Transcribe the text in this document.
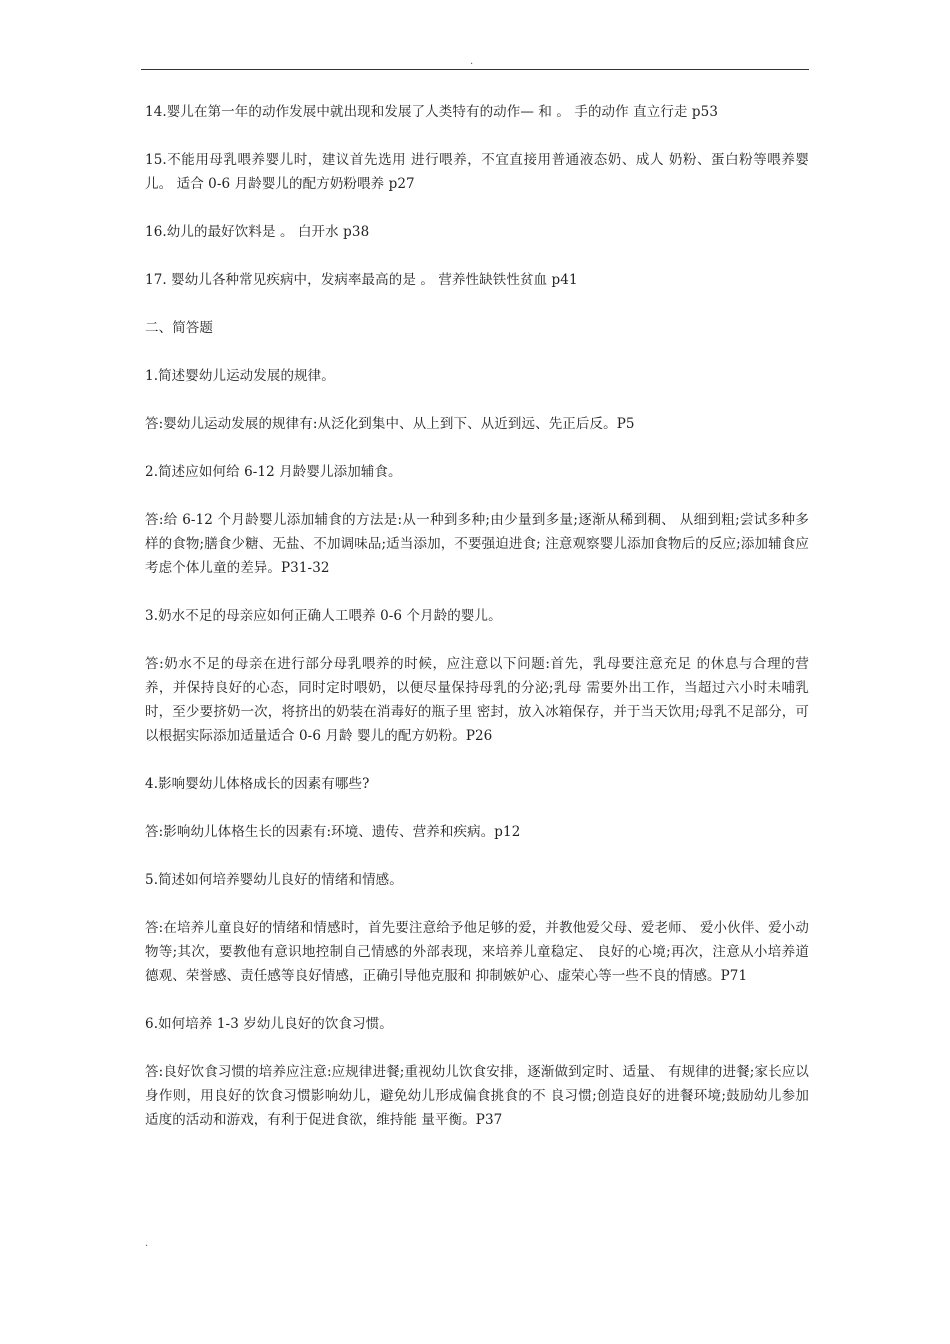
.

14.婴儿在第一年的动作发展中就出现和发展了人类特有的动作— 和 。 手的动作 直立行走 p53

15.不能用母乳喂养婴儿时，建议首先选用 进行喂养，不宜直接用普通液态奶、成人 奶粉、蛋白粉等喂养婴儿。 适合 0-6 月龄婴儿的配方奶粉喂养 p27

16.幼儿的最好饮料是 。 白开水 p38

17. 婴幼儿各种常见疾病中，发病率最高的是 。 营养性缺铁性贫血 p41

二、简答题

1.简述婴幼儿运动发展的规律。

答:婴幼儿运动发展的规律有:从泛化到集中、从上到下、从近到远、先正后反。P5

2.简述应如何给 6-12 月龄婴儿添加辅食。

答:给 6-12 个月龄婴儿添加辅食的方法是:从一种到多种;由少量到多量;逐渐从稀到稠、 从细到粗;尝试多种多样的食物;膳食少糖、无盐、不加调味品;适当添加，不要强迫进食; 注意观察婴儿添加食物后的反应;添加辅食应考虑个体儿童的差异。P31-32

3.奶水不足的母亲应如何正确人工喂养 0-6 个月龄的婴儿。

答:奶水不足的母亲在进行部分母乳喂养的时候，应注意以下问题:首先，乳母要注意充足 的休息与合理的营养，并保持良好的心态，同时定时喂奶，以便尽量保持母乳的分泌;乳母 需要外出工作，当超过六小时未哺乳时，至少要挤奶一次，将挤出的奶装在消毒好的瓶子里 密封，放入冰箱保存，并于当天饮用;母乳不足部分，可以根据实际添加适量适合 0-6 月龄 婴儿的配方奶粉。P26

4.影响婴幼儿体格成长的因素有哪些?

答:影响幼儿体格生长的因素有:环境、遗传、营养和疾病。p12

5.简述如何培养婴幼儿良好的情绪和情感。

答:在培养儿童良好的情绪和情感时，首先要注意给予他足够的爱，并教他爱父母、爱老师、 爱小伙伴、爱小动物等;其次，要教他有意识地控制自己情感的外部表现，来培养儿童稳定、 良好的心境;再次，注意从小培养道德观、荣誉感、责任感等良好情感，正确引导他克服和 抑制嫉妒心、虚荣心等一些不良的情感。P71

6.如何培养 1-3 岁幼儿良好的饮食习惯。

答:良好饮食习惯的培养应注意:应规律进餐;重视幼儿饮食安排，逐渐做到定时、适量、 有规律的进餐;家长应以身作则，用良好的饮食习惯影响幼儿，避免幼儿形成偏食挑食的不 良习惯;创造良好的进餐环境;鼓励幼儿参加适度的活动和游戏，有利于促进食欲，维持能 量平衡。P37

.
